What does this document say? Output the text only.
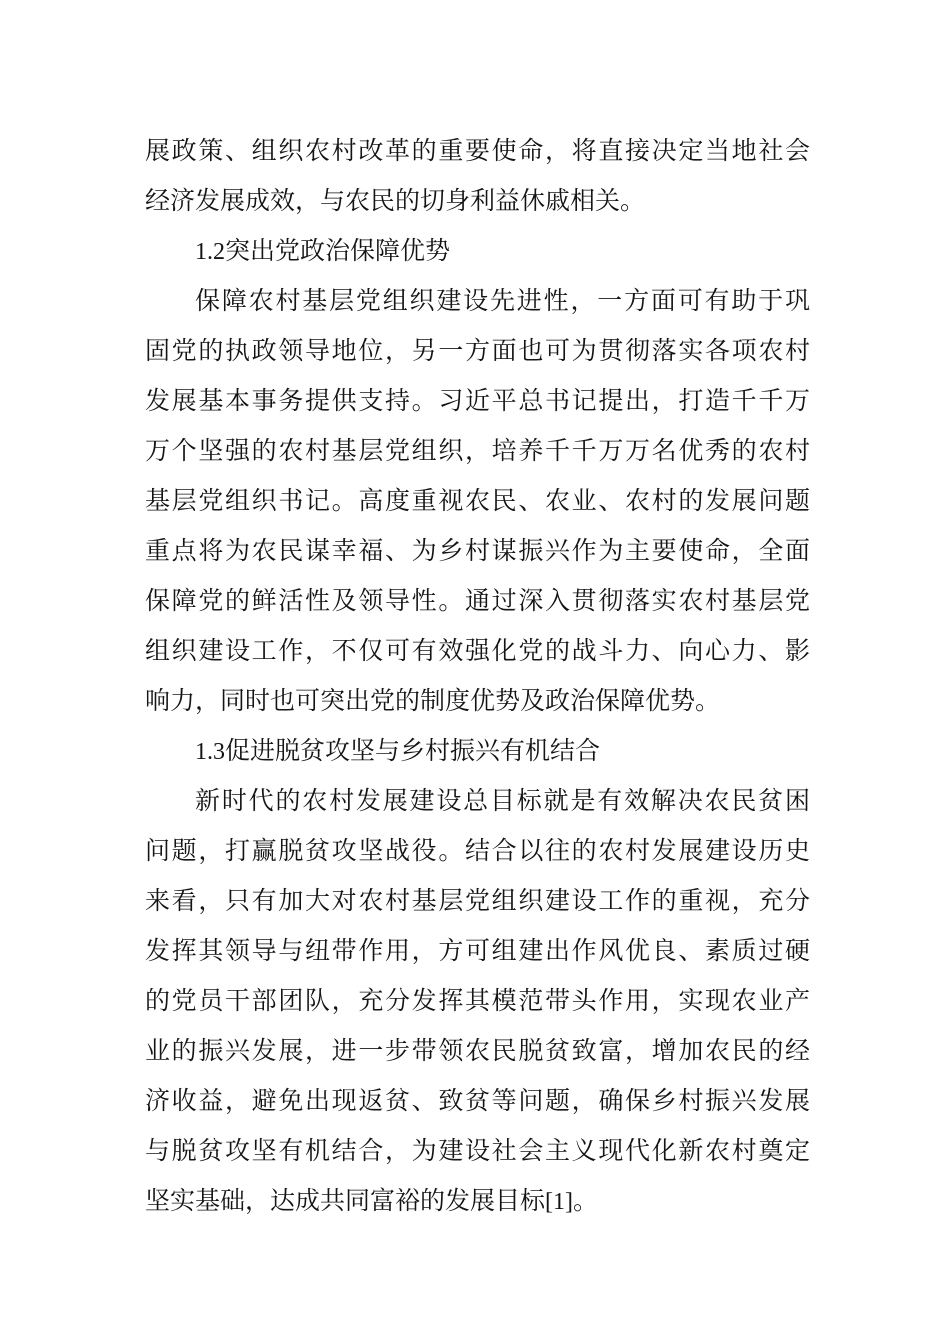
展政策、组织农村改革的重要使命，将直接决定当地社会
经济发展成效，与农民的切身利益休戚相关。
1.2突出党政治保障优势
保障农村基层党组织建设先进性，一方面可有助于巩
固党的执政领导地位，另一方面也可为贯彻落实各项农村
发展基本事务提供支持。习近平总书记提出，打造千千万
万个坚强的农村基层党组织，培养千千万万名优秀的农村
基层党组织书记。高度重视农民、农业、农村的发展问题
重点将为农民谋幸福、为乡村谋振兴作为主要使命，全面
保障党的鲜活性及领导性。通过深入贯彻落实农村基层党
组织建设工作，不仅可有效强化党的战斗力、向心力、影
响力，同时也可突出党的制度优势及政治保障优势。
1.3促进脱贫攻坚与乡村振兴有机结合
新时代的农村发展建设总目标就是有效解决农民贫困
问题，打赢脱贫攻坚战役。结合以往的农村发展建设历史
来看，只有加大对农村基层党组织建设工作的重视，充分
发挥其领导与纽带作用，方可组建出作风优良、素质过硬
的党员干部团队，充分发挥其模范带头作用，实现农业产
业的振兴发展，进一步带领农民脱贫致富，增加农民的经
济收益，避免出现返贫、致贫等问题，确保乡村振兴发展
与脱贫攻坚有机结合，为建设社会主义现代化新农村奠定
坚实基础，达成共同富裕的发展目标[1]。
